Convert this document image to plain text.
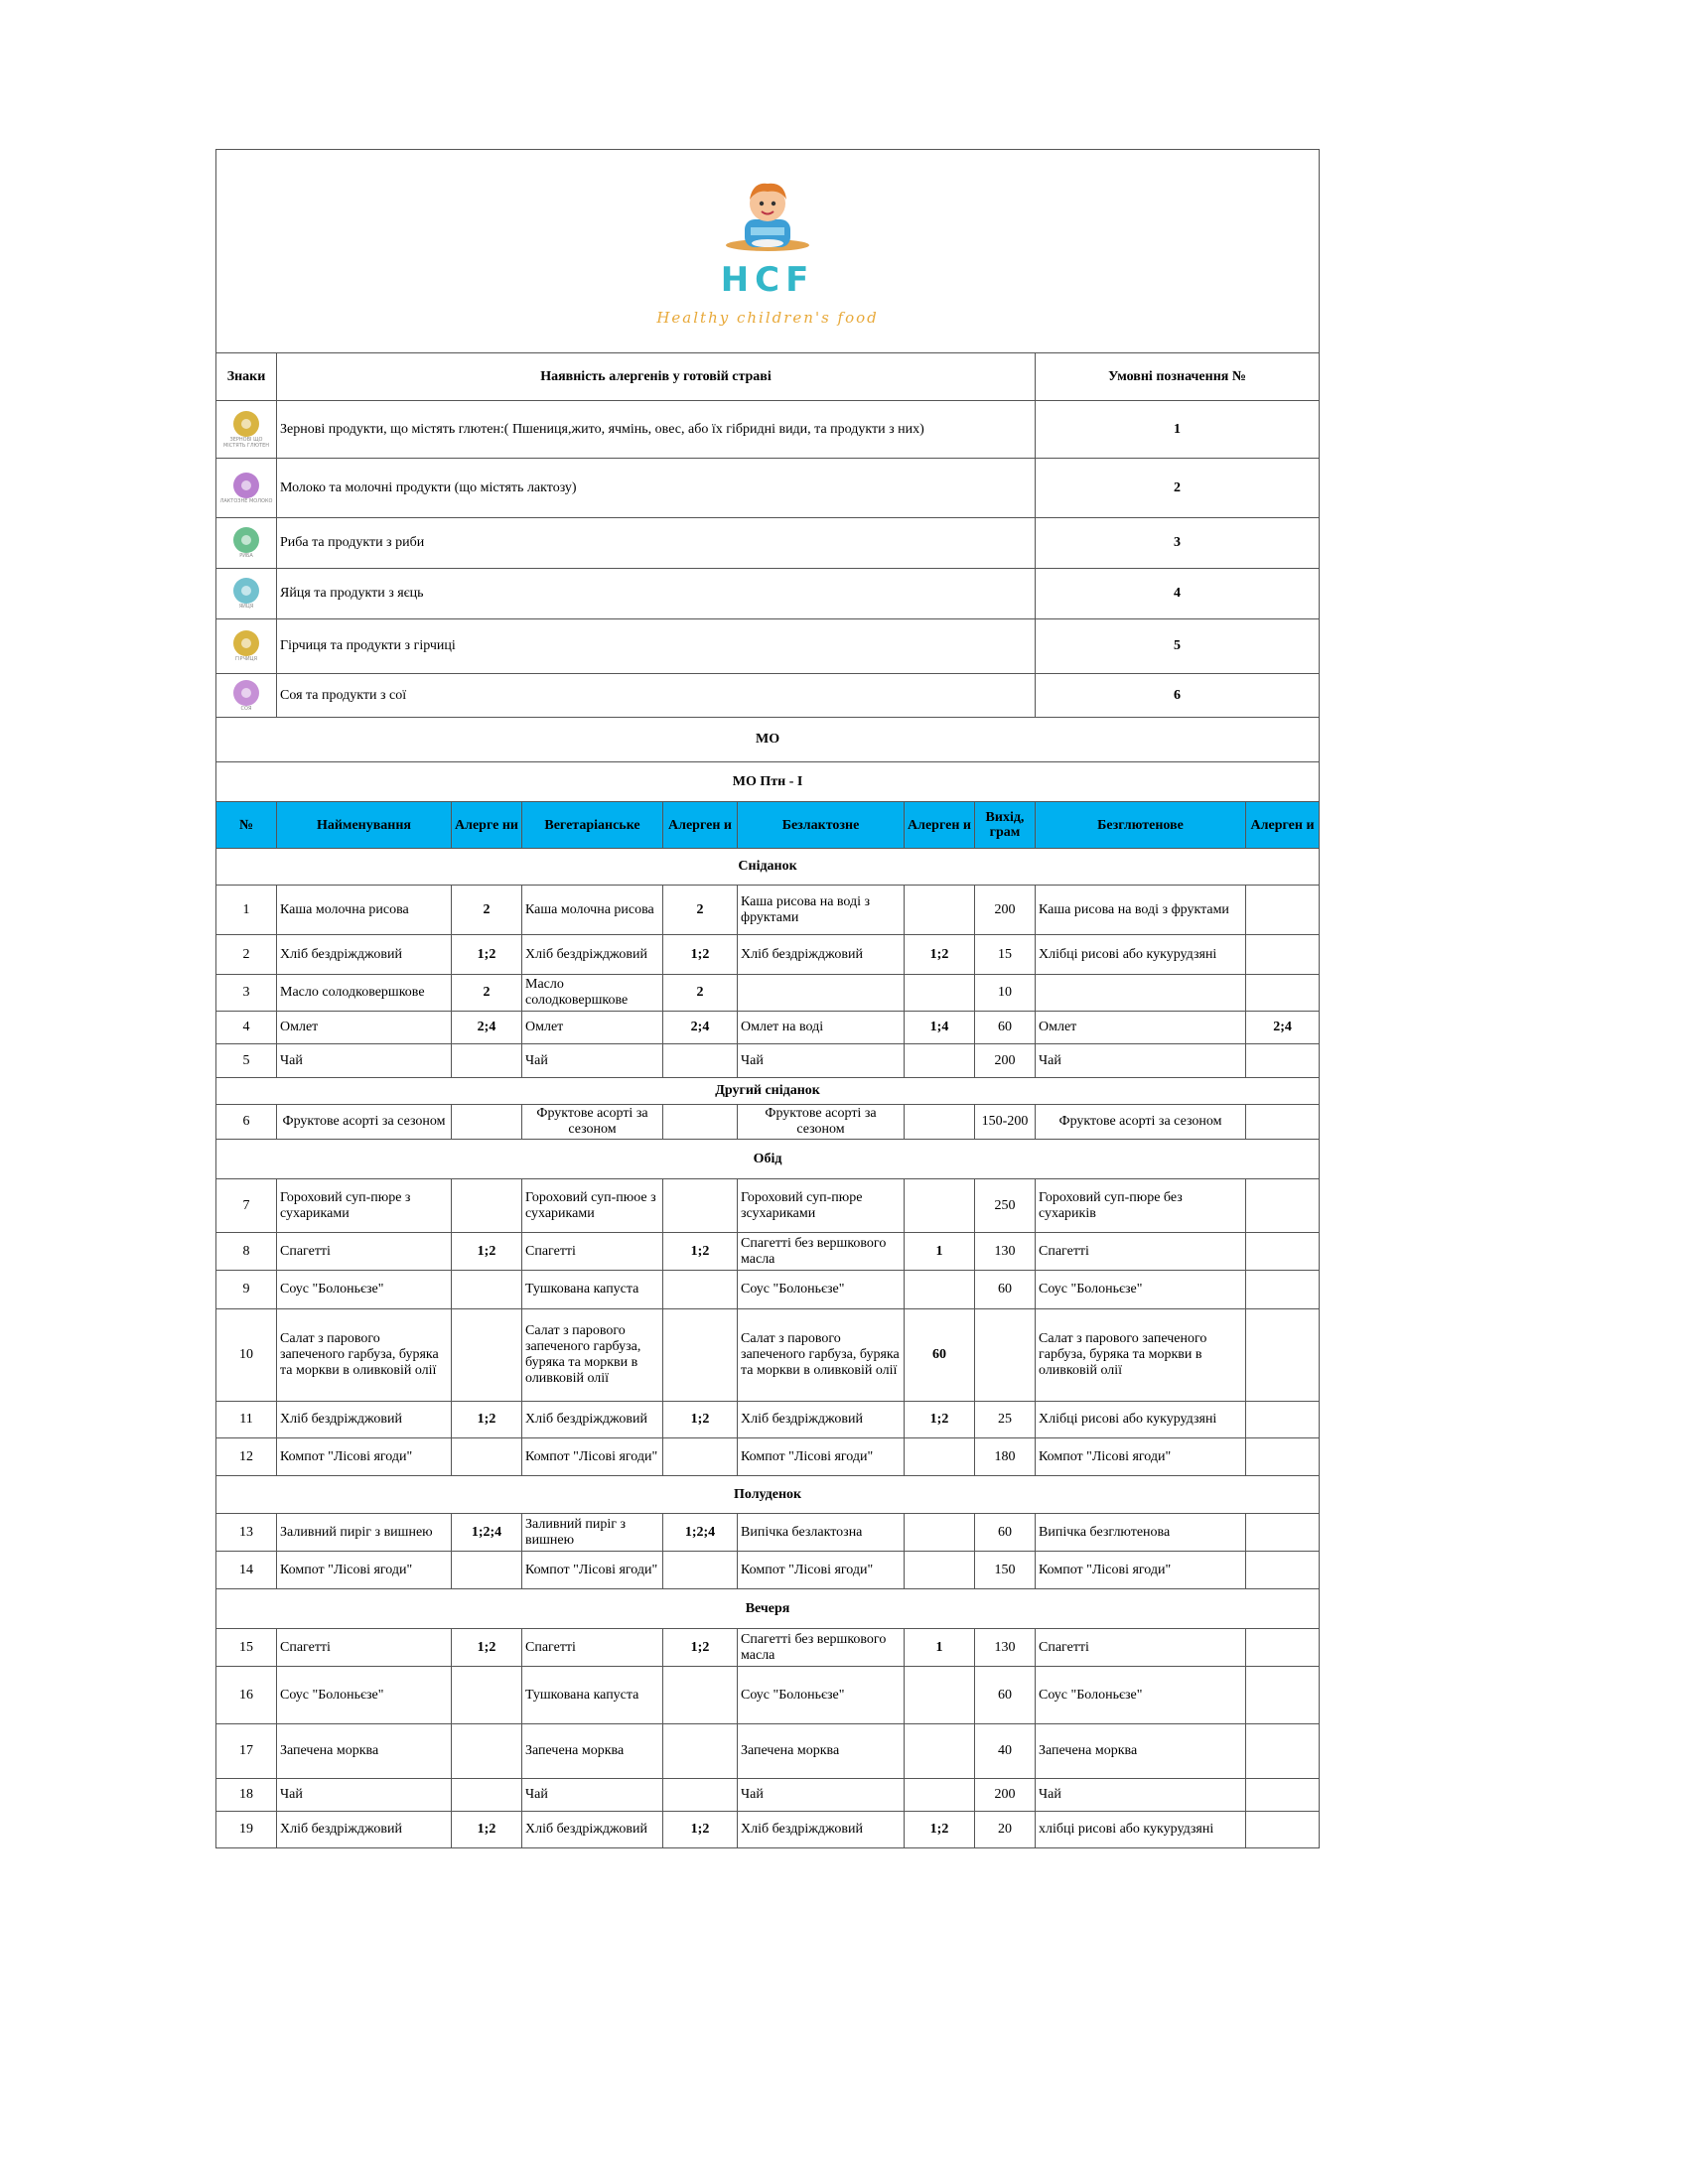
HCF
Healthy children's food									

Знаки	Наявність алергенів у готовій страві							Умовні позначення №	

ЗЕРНОВІ ЩО МІСТЯТЬ ГЛЮТЕН	Зернові продукти, що містять глютен:( Пшениця,жито, ячмінь, овес, або їх гібридні види, та продукти з них)							1	

ЛАКТОЗНЕ МОЛОКО	Молоко та молочні продукти (що містять лактозу)							2	

РИБА	Риба та продукти з риби							3	

ЯЙЦЯ	Яйця та продукти з яєць							4	

ГІРЧИЦЯ	Гірчиця та продукти з гірчиці							5	

СОЯ	Соя та продукти з сої							6	
МО									
МО Птн - І									
№	Найменування	Алерге ни	Вегетаріанське	Алерген и	Безлактозне	Алерген и	Вихід, грам	Безглютенове	Алерген и
Сніданок									
1	Каша молочна рисова	2	Каша молочна рисова	2	Каша рисова на воді з фруктами		200	Каша рисова на воді з фруктами	
2	Хліб бездріжджовий	1;2	Хліб бездріжджовий	1;2	Хліб бездріжджовий	1;2	15	Хлібці рисові або кукурудзяні	
3	Масло солодковершкове	2	Масло солодковершкове	2			10		
4	Омлет	2;4	Омлет	2;4	Омлет на воді	1;4	60	Омлет	2;4
5	Чай		Чай		Чай		200	Чай	
Другий сніданок									
6	Фруктове асорті за сезоном		Фруктове асорті за сезоном		Фруктове асорті за сезоном		150-200	Фруктове асорті за сезоном	
Обід									
7	Гороховий суп-пюре з сухариками		Гороховий суп-пюое з сухариками		Гороховий суп-пюре зсухариками		250	Гороховий суп-пюре без сухариків	
8	Спагетті	1;2	Спагетті	1;2	Спагетті без вершкового масла	1	130	Спагетті	
9	Соус "Болоньєзе"		Тушкована капуста		Соус "Болоньєзе"		60	Соус "Болоньєзе"	
10	Салат з парового запеченого гарбуза, буряка та моркви в оливковій олії		Салат з парового запеченого гарбуза, буряка та моркви в оливковій олії		Салат з парового запеченого гарбуза, буряка та моркви в оливковій олії	60		Салат з парового запеченого гарбуза, буряка та моркви в оливковій олії	
11	Хліб бездріжджовий	1;2	Хліб бездріжджовий	1;2	Хліб бездріжджовий	1;2	25	Хлібці рисові або кукурудзяні	
12	Компот "Лісові ягоди"		Компот "Лісові ягоди"		Компот "Лісові ягоди"		180	Компот "Лісові ягоди"	
Полуденок									
13	Заливний пиріг з вишнею	1;2;4	Заливний пиріг з вишнею	1;2;4	Випічка безлактозна		60	Випічка безглютенова	
14	Компот "Лісові ягоди"		Компот "Лісові ягоди"		Компот "Лісові ягоди"		150	Компот "Лісові ягоди"	
Вечеря									
15	Спагетті	1;2	Спагетті	1;2	Спагетті без вершкового масла	1	130	Спагетті	
16	Соус "Болоньєзе"		Тушкована капуста		Соус "Болоньєзе"		60	Соус "Болоньєзе"	
17	Запечена морква		Запечена морква		Запечена морква		40	Запечена морква	
18	Чай		Чай		Чай		200	Чай	
19	Хліб бездріжджовий	1;2	Хліб бездріжджовий	1;2	Хліб бездріжджовий	1;2	20	хлібці рисові або кукурудзяні	
